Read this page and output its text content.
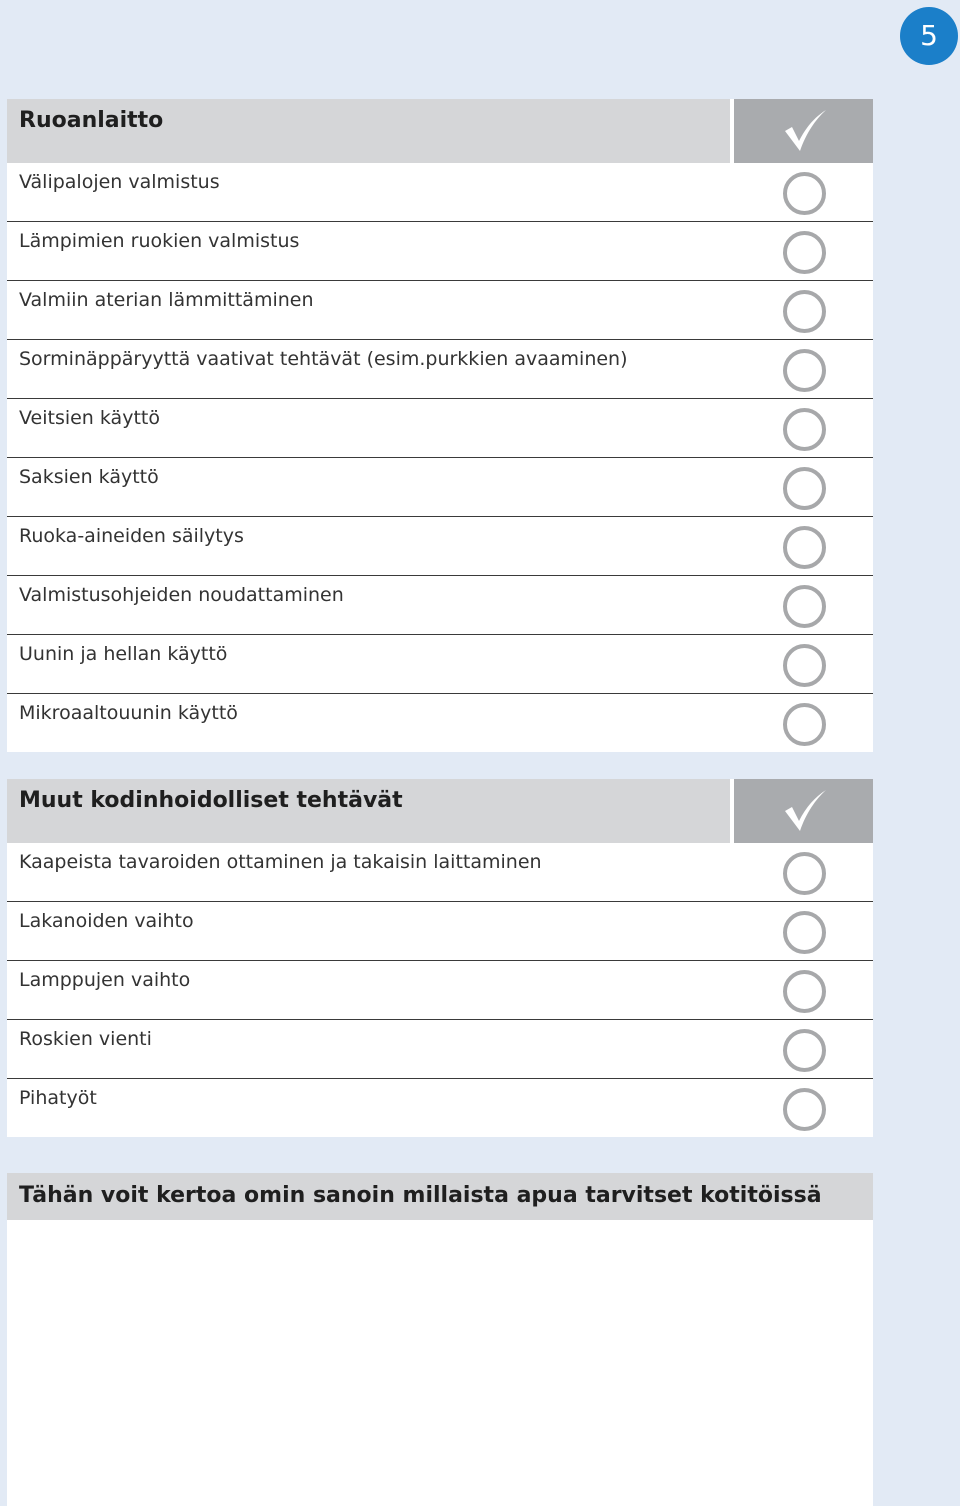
5
Ruoanlaitto
Välipalojen valmistus
Lämpimien ruokien valmistus
Valmiin aterian lämmittäminen
Sorminäppäryyttä vaativat tehtävät (esim.purkkien avaaminen)
Veitsien käyttö
Saksien käyttö
Ruoka-aineiden säilytys
Valmistusohjeiden noudattaminen
Uunin ja hellan käyttö
Mikroaaltouunin käyttö
Muut kodinhoidolliset tehtävät
Kaapeista tavaroiden ottaminen ja takaisin laittaminen
Lakanoiden vaihto
Lamppujen vaihto
Roskien vienti
Pihatyöt
Tähän voit kertoa omin sanoin millaista apua tarvitset kotitöissä
